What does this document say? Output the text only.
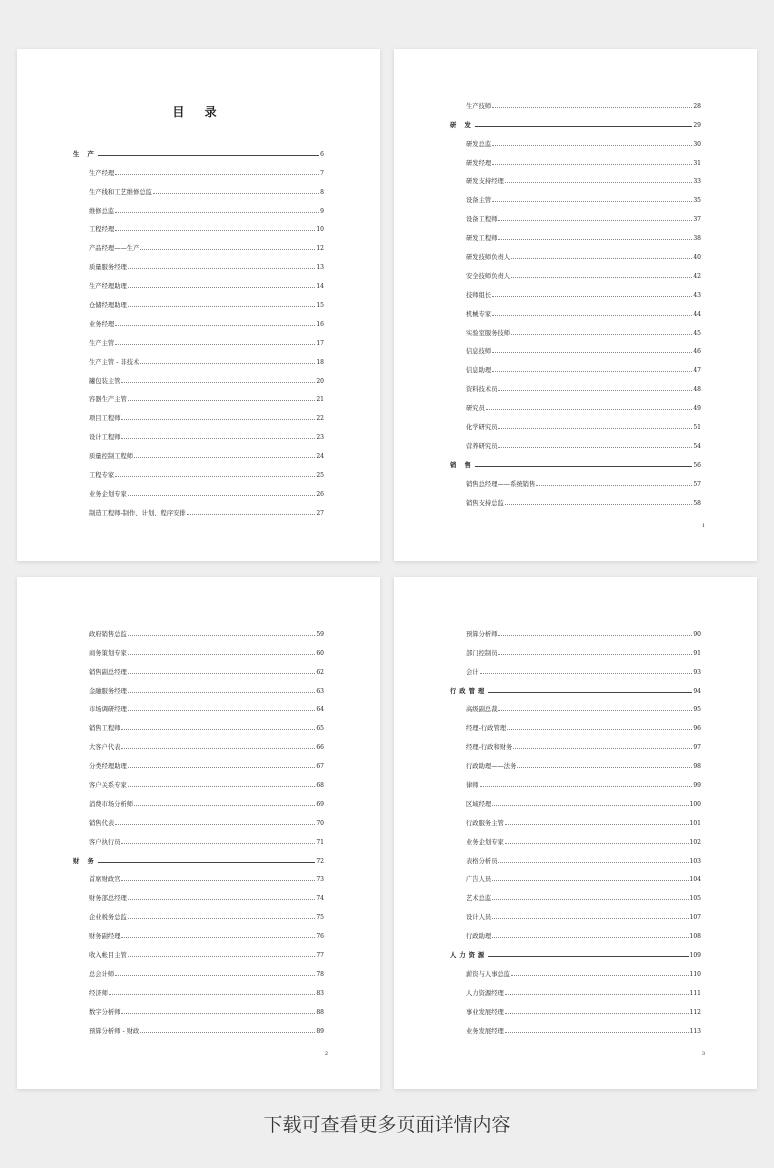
目 录
生 产	6
生产经理	7
生产线和工艺维修总监	8
维修总监	9
工程经理	10
产品经理——生产	12
质量服务经理	13
生产经理助理	14
仓储经理助理	15
业务经理	16
生产主管	17
生产主管 - 非技术	18
罐包装主管	20
容器生产主管	21
项目工程师	22
设计工程师	23
质量控制工程师	24
工程专家	25
业务企划专家	26
制造工程师-制作、计划、程序安排	27
生产技师	28
研 发	29
研发总监	30
研发经理	31
研发支持经理	33
设备主管	35
设备工程师	37
研发工程师	38
研发技师负责人	40
安全技师负责人	42
技师组长	43
机械专家	44
实验室服务技师	45
信息技师	46
信息助理	47
资料技术员	48
研究员	49
化学研究员	51
营养研究员	54
销 售	56
销售总经理——系统销售	57
销售支持总监	58
1
政府销售总监	59
商务策划专家	60
销售副总经理	62
金融服务经理	63
市场调研经理	64
销售工程师	65
大客户代表	66
分类经理助理	67
客户关系专家	68
消费市场分析师	69
销售代表	70
客户执行员	71
财 务	72
首席财政官	73
财务部总经理	74
企业税务总监	75
财务副经理	76
收入帐目主管	77
总会计师	78
经济师	83
数字分析师	88
预算分析师 - 财政	89
2
预算分析师	90
部门控制员	91
会计	93
行政管理	94
高级副总裁	95
经理-行政管理	96
经理-行政和财务	97
行政助理——法务	98
律师	99
区域经理	100
行政服务主管	101
业务企划专家	102
表格分析员	103
广告人员	104
艺术总监	105
设计人员	107
行政助理	108
人力资源	109
薪资与人事总监	110
人力资源经理	111
事业发展经理	112
业务发展经理	113
3
下载可查看更多页面详情内容
